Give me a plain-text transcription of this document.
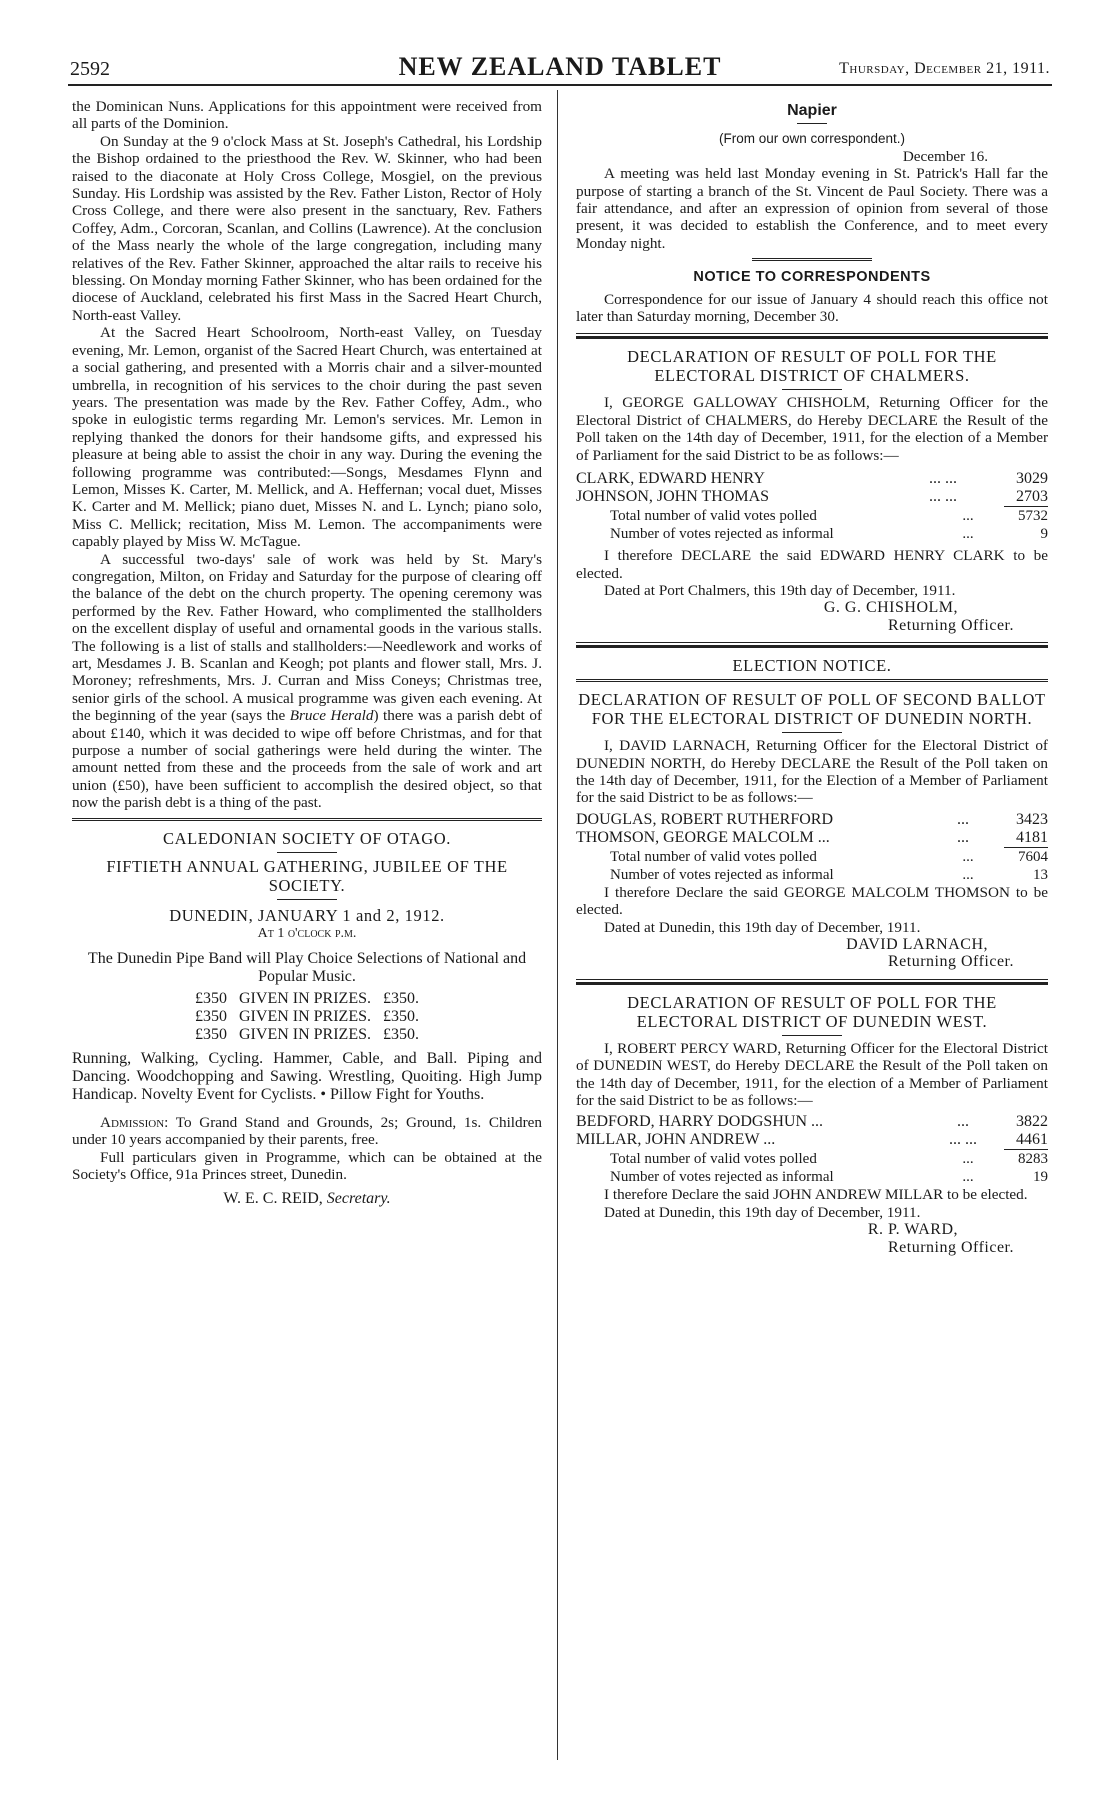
2592	NEW ZEALAND TABLET	Thursday, December 21, 1911.

the Dominican Nuns. Applications for this appointment were received from all parts of the Dominion.

On Sunday at the 9 o'clock Mass at St. Joseph's Cathedral, his Lordship the Bishop ordained to the priesthood the Rev. W. Skinner, who had been raised to the diaconate at Holy Cross College, Mosgiel, on the previous Sunday. His Lordship was assisted by the Rev. Father Liston, Rector of Holy Cross College, and there were also present in the sanctuary, Rev. Fathers Coffey, Adm., Corcoran, Scanlan, and Collins (Lawrence). At the conclusion of the Mass nearly the whole of the large congregation, including many relatives of the Rev. Father Skinner, approached the altar rails to receive his blessing. On Monday morning Father Skinner, who has been ordained for the diocese of Auckland, celebrated his first Mass in the Sacred Heart Church, North-east Valley.

At the Sacred Heart Schoolroom, North-east Valley, on Tuesday evening, Mr. Lemon, organist of the Sacred Heart Church, was entertained at a social gathering, and presented with a Morris chair and a silver-mounted umbrella, in recognition of his services to the choir during the past seven years. The presentation was made by the Rev. Father Coffey, Adm., who spoke in eulogistic terms regarding Mr. Lemon's services. Mr. Lemon in replying thanked the donors for their handsome gifts, and expressed his pleasure at being able to assist the choir in any way. During the evening the following programme was contributed:—Songs, Mesdames Flynn and Lemon, Misses K. Carter, M. Mellick, and A. Heffernan; vocal duet, Misses K. Carter and M. Mellick; piano duet, Misses N. and L. Lynch; piano solo, Miss C. Mellick; recitation, Miss M. Lemon. The accompaniments were capably played by Miss W. McTague.

A successful two-days' sale of work was held by St. Mary's congregation, Milton, on Friday and Saturday for the purpose of clearing off the balance of the debt on the church property. The opening ceremony was performed by the Rev. Father Howard, who complimented the stallholders on the excellent display of useful and ornamental goods in the various stalls. The following is a list of stalls and stallholders:—Needlework and works of art, Mesdames J. B. Scanlan and Keogh; pot plants and flower stall, Mrs. J. Moroney; refreshments, Mrs. J. Curran and Miss Coneys; Christmas tree, senior girls of the school. A musical programme was given each evening. At the beginning of the year (says the Bruce Herald) there was a parish debt of about £140, which it was decided to wipe off before Christmas, and for that purpose a number of social gatherings were held during the winter. The amount netted from these and the proceeds from the sale of work and art union (£50), have been sufficient to accomplish the desired object, so that now the parish debt is a thing of the past.

CALEDONIAN SOCIETY OF OTAGO.
FIFTIETH ANNUAL GATHERING, JUBILEE OF THE SOCIETY.
DUNEDIN, JANUARY 1 and 2, 1912.
At 1 o'clock p.m.

The Dunedin Pipe Band will Play Choice Selections of National and Popular Music.

£350	GIVEN IN PRIZES.	£350.
£350	GIVEN IN PRIZES.	£350.
£350	GIVEN IN PRIZES.	£350.

Running, Walking, Cycling. Hammer, Cable, and Ball. Piping and Dancing. Woodchopping and Sawing. Wrestling, Quoiting. High Jump Handicap. Novelty Event for Cyclists. • Pillow Fight for Youths.

Admission: To Grand Stand and Grounds, 2s; Ground, 1s. Children under 10 years accompanied by their parents, free.

Full particulars given in Programme, which can be obtained at the Society's Office, 91a Princes street, Dunedin.

W. E. C. REID, Secretary.
Napier
(From our own correspondent.)
December 16.

A meeting was held last Monday evening in St. Patrick's Hall far the purpose of starting a branch of the St. Vincent de Paul Society. There was a fair attendance, and after an expression of opinion from several of those present, it was decided to establish the Conference, and to meet every Monday night.

NOTICE TO CORRESPONDENTS

Correspondence for our issue of January 4 should reach this office not later than Saturday morning, December 30.

DECLARATION OF RESULT OF POLL FOR THE ELECTORAL DISTRICT OF CHALMERS.

I, GEORGE GALLOWAY CHISHOLM, Returning Officer for the Electoral District of CHALMERS, do Hereby DECLARE the Result of the Poll taken on the 14th day of December, 1911, for the election of a Member of Parliament for the said District to be as follows:—

CLARK, EDWARD HENRY	... ...	3029
JOHNSON, JOHN THOMAS	... ...	2703
Total number of valid votes polled	...	5732
Number of votes rejected as informal	...	9

I therefore DECLARE the said EDWARD HENRY CLARK to be elected.

Dated at Port Chalmers, this 19th day of December, 1911.

G. G. CHISHOLM,
Returning Officer.
ELECTION NOTICE.
DECLARATION OF RESULT OF POLL OF SECOND BALLOT FOR THE ELECTORAL DISTRICT OF DUNEDIN NORTH.

I, DAVID LARNACH, Returning Officer for the Electoral District of DUNEDIN NORTH, do Hereby DECLARE the Result of the Poll taken on the 14th day of December, 1911, for the Election of a Member of Parliament for the said District to be as follows:—

DOUGLAS, ROBERT RUTHERFORD	...	3423
THOMSON, GEORGE MALCOLM ...	...	4181
Total number of valid votes polled	...	7604
Number of votes rejected as informal	...	13

I therefore Declare the said GEORGE MALCOLM THOMSON to be elected.

Dated at Dunedin, this 19th day of December, 1911.

DAVID LARNACH,
Returning Officer.
DECLARATION OF RESULT OF POLL FOR THE ELECTORAL DISTRICT OF DUNEDIN WEST.

I, ROBERT PERCY WARD, Returning Officer for the Electoral District of DUNEDIN WEST, do Hereby DECLARE the Result of the Poll taken on the 14th day of December, 1911, for the election of a Member of Parliament for the said District to be as follows:—

BEDFORD, HARRY DODGSHUN ...	...	3822
MILLAR, JOHN ANDREW ...	... ...	4461
Total number of valid votes polled	...	8283
Number of votes rejected as informal	...	19

I therefore Declare the said JOHN ANDREW MILLAR to be elected.

Dated at Dunedin, this 19th day of December, 1911.

R. P. WARD,
Returning Officer.
